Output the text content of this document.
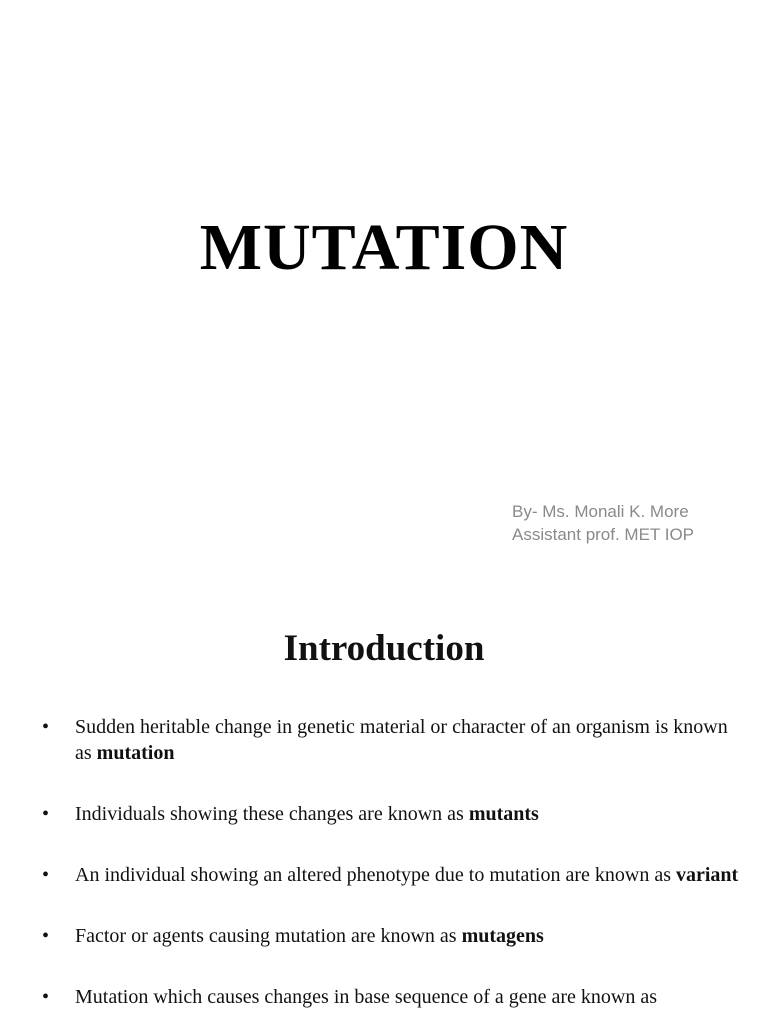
MUTATION
By- Ms. Monali K. More
Assistant prof. MET IOP
Introduction
• Sudden heritable change in genetic material or character of an organism is known as mutation
• Individuals showing these changes are known as mutants
• An individual showing an altered phenotype due to mutation are known as variant
• Factor or agents causing mutation are known as mutagens
• Mutation which causes changes in base sequence of a gene are known as
